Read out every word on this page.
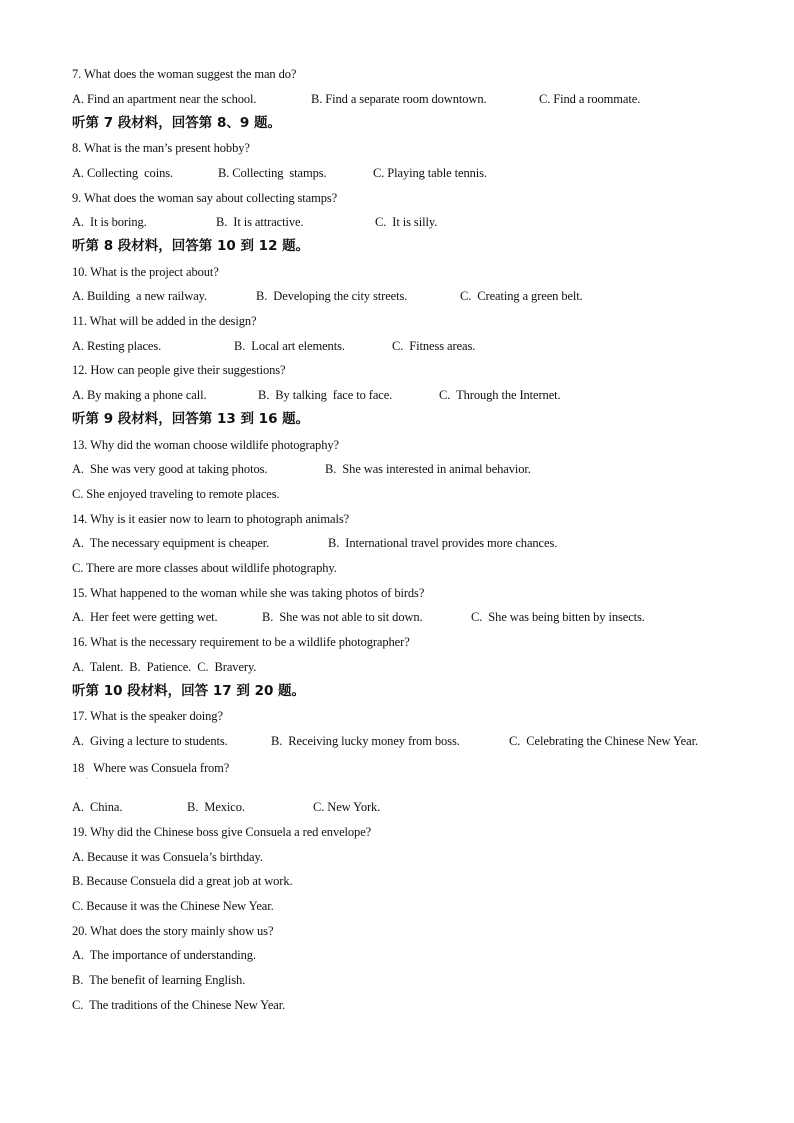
7. What does the woman suggest the man do?
A. Find an apartment near the school.	B. Find a separate room downtown.	C. Find a roommate.
听第 7 段材料，回答第 8、9 题。
8. What is the man’s present hobby?
A. Collecting  coins.	B. Collecting  stamps.	C. Playing table tennis.
9. What does the woman say about collecting stamps?
A.  It is boring.	B.  It is attractive.	C.  It is silly.
听第 8 段材料，回答第 10 到 12 题。
10. What is the project about?
A. Building  a new railway.	B.  Developing the city streets.	C.  Creating a green belt.
11. What will be added in the design?
A. Resting places.	B.  Local art elements.	C.  Fitness areas.
12. How can people give their suggestions?
A. By making a phone call.	B.  By talking  face to face.	C.  Through the Internet.
听第 9 段材料，回答第 13 到 16 题。
13. Why did the woman choose wildlife photography?
A.  She was very good at taking photos.	B.  She was interested in animal behavior.
C. She enjoyed traveling to remote places.
14. Why is it easier now to learn to photograph animals?
A.  The necessary equipment is cheaper.	B.  International travel provides more chances.
C. There are more classes about wildlife photography.
15. What happened to the woman while she was taking photos of birds?
A.  Her feet were getting wet.	B.  She was not able to sit down.	C.  She was being bitten by insects.
16. What is the necessary requirement to be a wildlife photographer?
A.  Talent.  B.  Patience.  C.  Bravery.
听第 10 段材料，回答 17 到 20 题。
17. What is the speaker doing?
A.  Giving a lecture to students.	B.  Receiving lucky money from boss.	C.  Celebrating the Chinese New Year.
18   Where was Consuela from?
·
A.  China.	B.  Mexico.	C. New York.
19. Why did the Chinese boss give Consuela a red envelope?
A. Because it was Consuela’s birthday.
B. Because Consuela did a great job at work.
C. Because it was the Chinese New Year.
20. What does the story mainly show us?
A.  The importance of understanding.
B.  The benefit of learning English.
C.  The traditions of the Chinese New Year.
